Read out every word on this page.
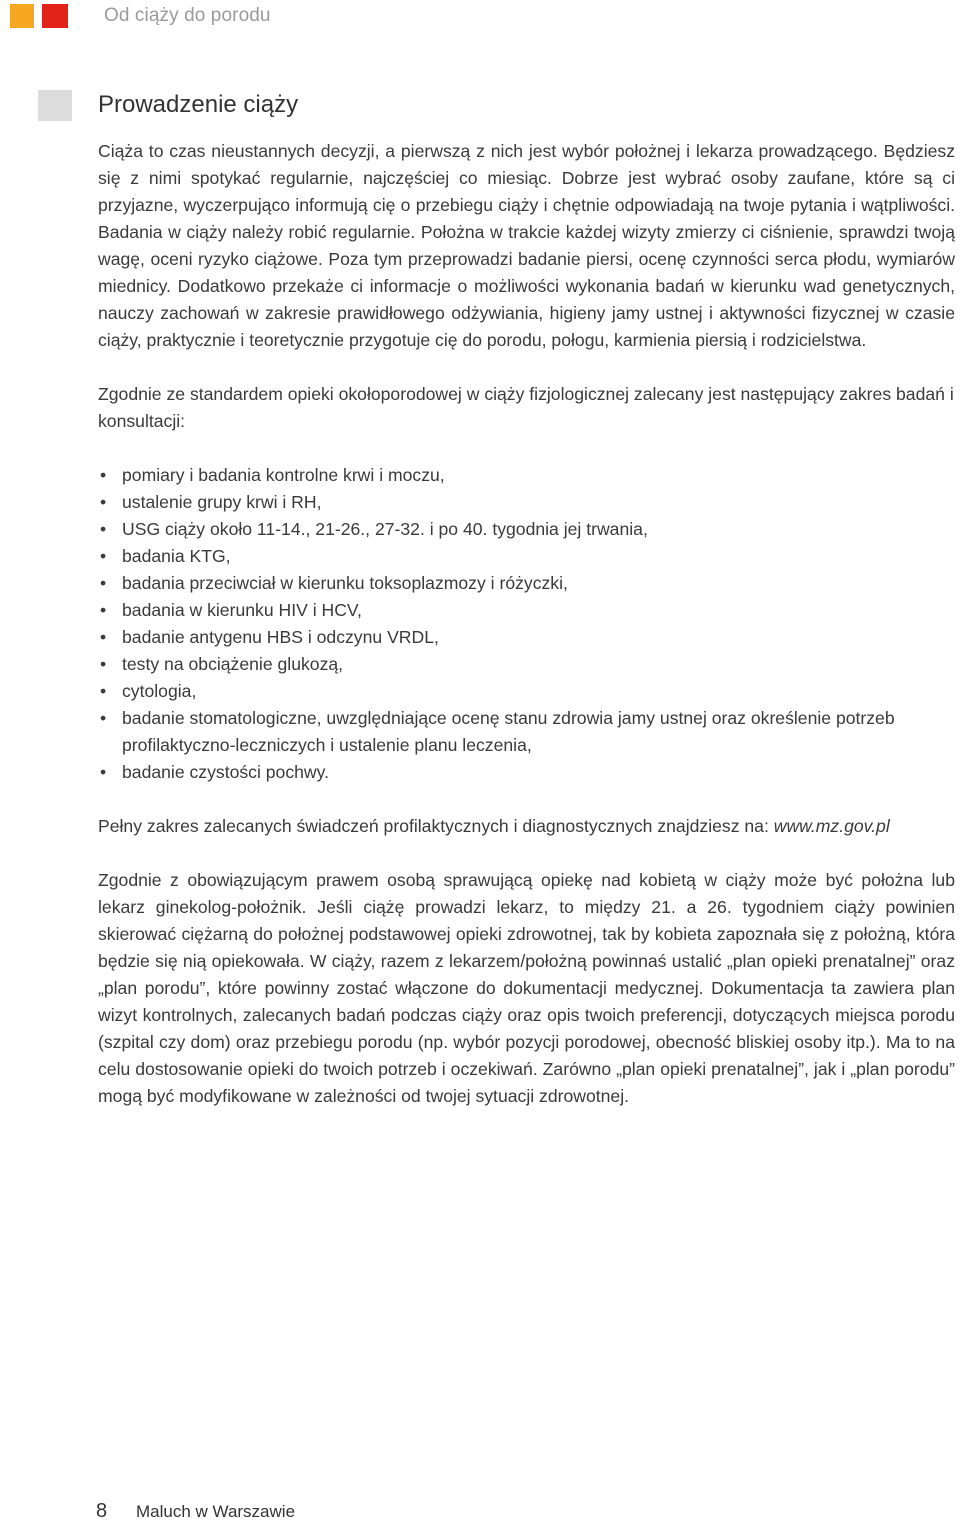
Od ciąży do porodu
Prowadzenie ciąży

Ciąża to czas nieustannych decyzji, a pierwszą z nich jest wybór położnej i lekarza prowadzącego. Będziesz się z nimi spotykać regularnie, najczęściej co miesiąc. Dobrze jest wybrać osoby zaufane, które są ci przyjazne, wyczerpująco informują cię o przebiegu ciąży i chętnie odpowiadają na twoje pytania i wątpliwości. Badania w ciąży należy robić regularnie. Położna w trakcie każdej wizyty zmierzy ci ciśnienie, sprawdzi twoją wagę, oceni ryzyko ciążowe. Poza tym przeprowadzi badanie piersi, ocenę czynności serca płodu, wymiarów miednicy. Dodatkowo przekaże ci informacje o możliwości wykonania badań w kierunku wad genetycznych, nauczy zachowań w zakresie prawidłowego odżywiania, higieny jamy ustnej i aktywności fizycznej w czasie ciąży, praktycznie i teoretycznie przygotuje cię do porodu, połogu, karmienia piersią i rodzicielstwa.

Zgodnie ze standardem opieki okołoporodowej w ciąży fizjologicznej zalecany jest następujący zakres badań i konsultacji:

• pomiary i badania kontrolne krwi i moczu,
• ustalenie grupy krwi i RH,
• USG ciąży około 11-14., 21-26., 27-32. i po 40. tygodnia jej trwania,
• badania KTG,
• badania przeciwciał w kierunku toksoplazmozy i różyczki,
• badania w kierunku HIV i HCV,
• badanie antygenu HBS i odczynu VRDL,
• testy na obciążenie glukozą,
• cytologia,
• badanie stomatologiczne, uwzględniające ocenę stanu zdrowia jamy ustnej oraz określenie potrzeb profilaktyczno-leczniczych i ustalenie planu leczenia,
• badanie czystości pochwy.

Pełny zakres zalecanych świadczeń profilaktycznych i diagnostycznych znajdziesz na: www.mz.gov.pl

Zgodnie z obowiązującym prawem osobą sprawującą opiekę nad kobietą w ciąży może być położna lub lekarz ginekolog-położnik. Jeśli ciążę prowadzi lekarz, to między 21. a 26. tygodniem ciąży powinien skierować ciężarną do położnej podstawowej opieki zdrowotnej, tak by kobieta zapoznała się z położną, która będzie się nią opiekowała. W ciąży, razem z lekarzem/położną powinnaś ustalić „plan opieki prenatalnej” oraz „plan porodu”, które powinny zostać włączone do dokumentacji medycznej. Dokumentacja ta zawiera plan wizyt kontrolnych, zalecanych badań podczas ciąży oraz opis twoich preferencji, dotyczących miejsca porodu (szpital czy dom) oraz przebiegu porodu (np. wybór pozycji porodowej, obecność bliskiej osoby itp.). Ma to na celu dostosowanie opieki do twoich potrzeb i oczekiwań. Zarówno „plan opieki prenatalnej”, jak i „plan porodu” mogą być modyfikowane w zależności od twojej sytuacji zdrowotnej.

8 Maluch w Warszawie
